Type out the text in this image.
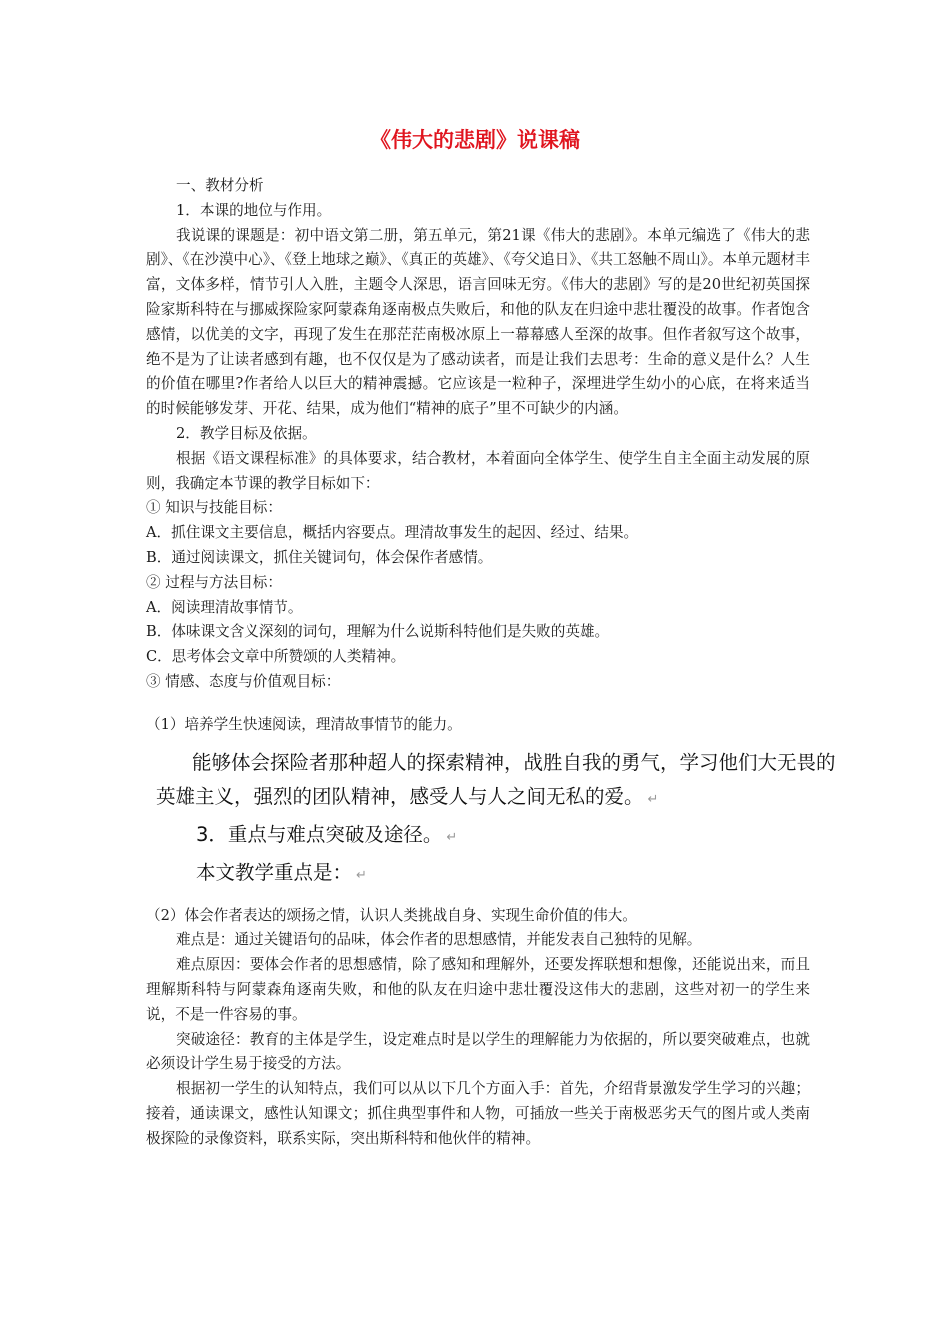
《伟大的悲剧》说课稿

一、教材分析

1．本课的地位与作用。

我说课的课题是：初中语文第二册，第五单元，第21课《伟大的悲剧》。本单元编选了《伟大的悲剧》、《在沙漠中心》、《登上地球之巅》、《真正的英雄》、《夸父追日》、《共工怒触不周山》。本单元题材丰富，文体多样，情节引人入胜，主题令人深思，语言回味无穷。《伟大的悲剧》写的是20世纪初英国探险家斯科特在与挪威探险家阿蒙森角逐南极点失败后，和他的队友在归途中悲壮覆没的故事。作者饱含感情，以优美的文字，再现了发生在那茫茫南极冰原上一幕幕感人至深的故事。但作者叙写这个故事，绝不是为了让读者感到有趣，也不仅仅是为了感动读者，而是让我们去思考：生命的意义是什么？人生的价值在哪里?作者给人以巨大的精神震撼。它应该是一粒种子，深埋进学生幼小的心底，在将来适当的时候能够发芽、开花、结果，成为他们“精神的底子”里不可缺少的内涵。

2．教学目标及依据。

根据《语文课程标准》的具体要求，结合教材，本着面向全体学生、使学生自主全面主动发展的原则，我确定本节课的教学目标如下：

① 知识与技能目标：

A．抓住课文主要信息，概括内容要点。理清故事发生的起因、经过、结果。

B．通过阅读课文，抓住关键词句，体会保作者感情。

② 过程与方法目标：

A．阅读理清故事情节。

B．体味课文含义深刻的词句，理解为什么说斯科特他们是失败的英雄。

C．思考体会文章中所赞颂的人类精神。

③ 情感、态度与价值观目标：

（1）培养学生快速阅读，理清故事情节的能力。

能够体会探险者那种超人的探索精神，战胜自我的勇气，学习他们大无畏的
英雄主义，强烈的团队精神，感受人与人之间无私的爱。 ↵
3．重点与难点突破及途径。 ↵
本文教学重点是： ↵

（2）体会作者表达的颂扬之情，认识人类挑战自身、实现生命价值的伟大。

难点是：通过关键语句的品味，体会作者的思想感情，并能发表自己独特的见解。

难点原因：要体会作者的思想感情，除了感知和理解外，还要发挥联想和想像，还能说出来，而且理解斯科特与阿蒙森角逐南失败，和他的队友在归途中悲壮覆没这伟大的悲剧，这些对初一的学生来说，不是一件容易的事。

突破途径：教育的主体是学生，设定难点时是以学生的理解能力为依据的，所以要突破难点，也就必须设计学生易于接受的方法。

根据初一学生的认知特点，我们可以从以下几个方面入手：首先，介绍背景激发学生学习的兴趣；接着，通读课文，感性认知课文；抓住典型事件和人物，可插放一些关于南极恶劣天气的图片或人类南极探险的录像资料，联系实际，突出斯科特和他伙伴的精神。
